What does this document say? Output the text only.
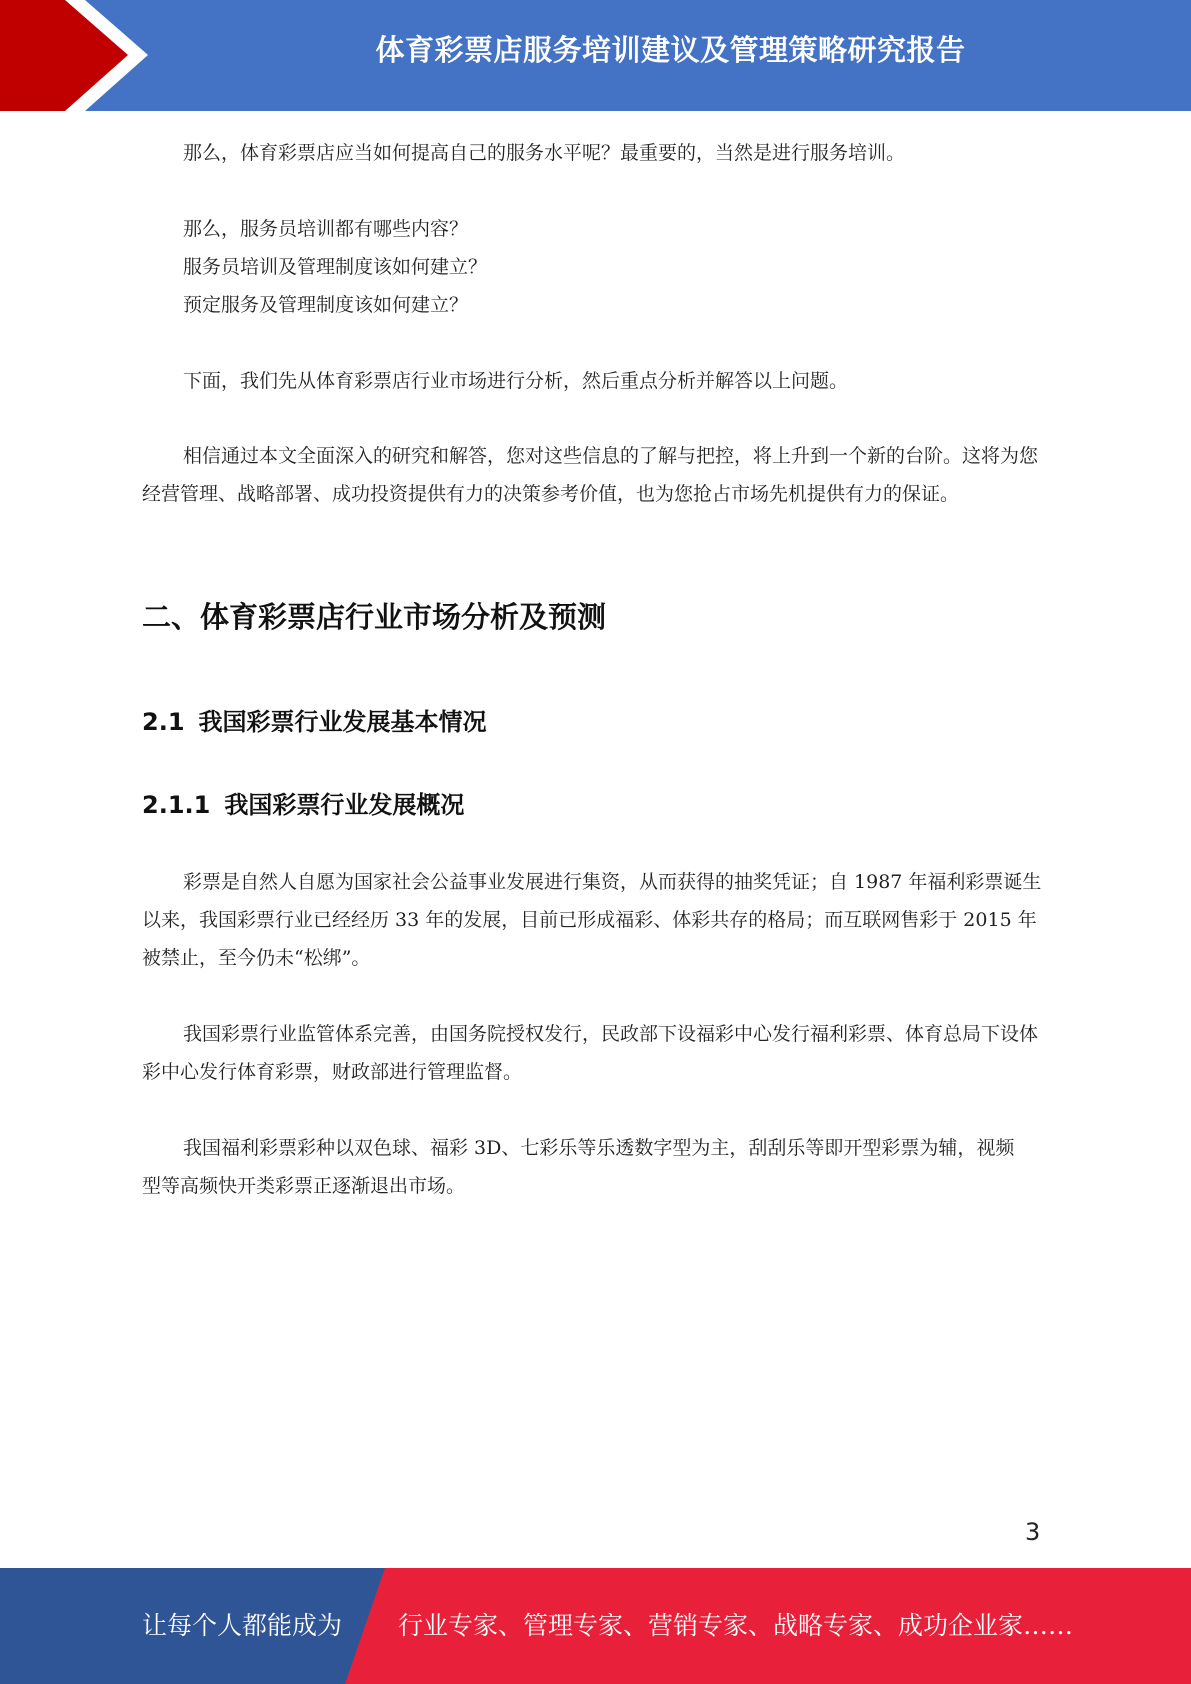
体育彩票店服务培训建议及管理策略研究报告

那么，体育彩票店应当如何提高自己的服务水平呢？最重要的，当然是进行服务培训。

那么，服务员培训都有哪些内容？

服务员培训及管理制度该如何建立？

预定服务及管理制度该如何建立？

下面，我们先从体育彩票店行业市场进行分析，然后重点分析并解答以上问题。

相信通过本文全面深入的研究和解答，您对这些信息的了解与把控，将上升到一个新的台阶。这将为您经营管理、战略部署、成功投资提供有力的决策参考价值，也为您抢占市场先机提供有力的保证。

二、体育彩票店行业市场分析及预测
2.1 我国彩票行业发展基本情况
2.1.1 我国彩票行业发展概况

彩票是自然人自愿为国家社会公益事业发展进行集资，从而获得的抽奖凭证；自 1987 年福利彩票诞生以来，我国彩票行业已经经历 33 年的发展，目前已形成福彩、体彩共存的格局；而互联网售彩于 2015 年被禁止，至今仍未“松绑”。

我国彩票行业监管体系完善，由国务院授权发行，民政部下设福彩中心发行福利彩票、体育总局下设体彩中心发行体育彩票，财政部进行管理监督。

我国福利彩票彩种以双色球、福彩 3D、七彩乐等乐透数字型为主，刮刮乐等即开型彩票为辅，视频型等高频快开类彩票正逐渐退出市场。

3
让每个人都能成为 行业专家、管理专家、营销专家、战略专家、成功企业家……
